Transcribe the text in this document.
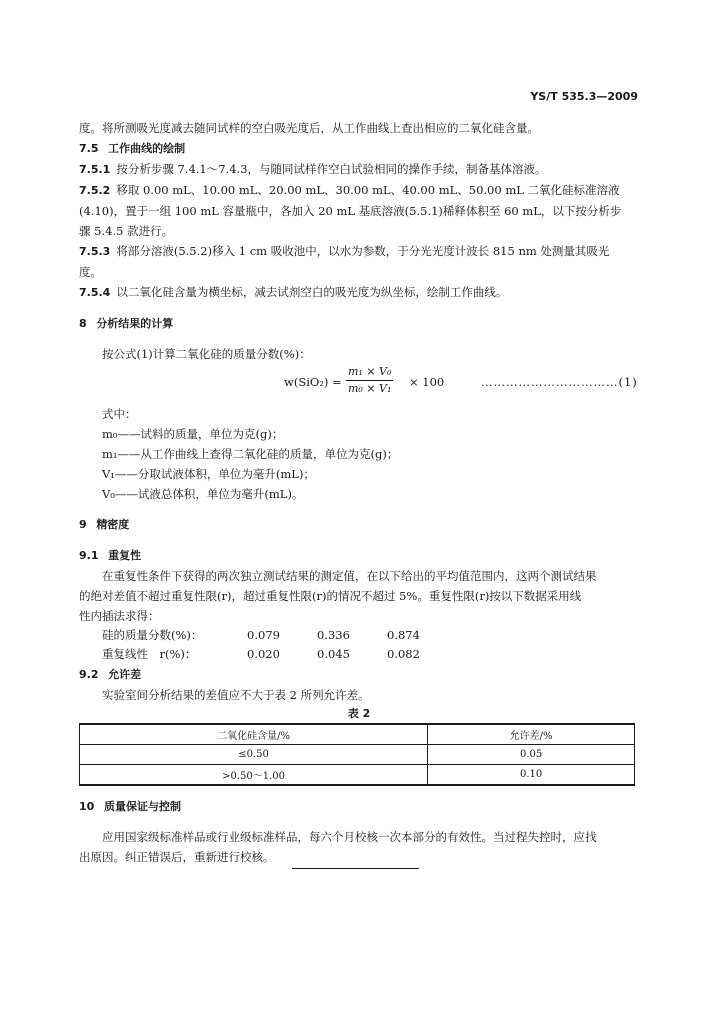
YS/T 535.3—2009
度。将所测吸光度减去随同试样的空白吸光度后，从工作曲线上查出相应的二氧化硅含量。
7.5 工作曲线的绘制
7.5.1 按分析步骤 7.4.1～7.4.3，与随同试样作空白试验相同的操作手续，制备基体溶液。
7.5.2 移取 0.00 mL、10.00 mL、20.00 mL、30.00 mL、40.00 mL、50.00 mL 二氧化硅标准溶液
(4.10)，置于一组 100 mL 容量瓶中，各加入 20 mL 基底溶液(5.5.1)稀释体积至 60 mL，以下按分析步
骤 5.4.5 款进行。
7.5.3 将部分溶液(5.5.2)移入 1 cm 吸收池中，以水为参数，于分光光度计波长 815 nm 处测量其吸光
度。
7.5.4 以二氧化硅含量为横坐标，减去试剂空白的吸光度为纵坐标，绘制工作曲线。
8 分析结果的计算
按公式(1)计算二氧化硅的质量分数(%)：
$w(SiO_2) = \frac{\text{m₁ × V₀}}{\text{m₀ × V₁}} \times 100$	……………………………(1)
式中：
m₀——试料的质量，单位为克(g)；
m₁——从工作曲线上查得二氧化硅的质量，单位为克(g)；
V₁——分取试液体积，单位为毫升(mL)；
V₀——试液总体积，单位为毫升(mL)。
9 精密度
9.1 重复性
在重复性条件下获得的两次独立测试结果的测定值，在以下给出的平均值范围内，这两个测试结果
的绝对差值不超过重复性限(r)，超过重复性限(r)的情况不超过 5%。重复性限(r)按以下数据采用线
性内插法求得：
硅的质量分数(%)：	0.079	0.336	0.874
重复线性　r(%)：	0.020	0.045	0.082
9.2 允许差
实验室间分析结果的差值应不大于表 2 所列允许差。
表 2
二氧化硅含量/%	允许差/%
≤0.50	0.05
>0.50～1.00	0.10
10 质量保证与控制
应用国家级标准样品或行业级标准样品，每六个月校核一次本部分的有效性。当过程失控时，应找
出原因。纠正错误后，重新进行校核。
